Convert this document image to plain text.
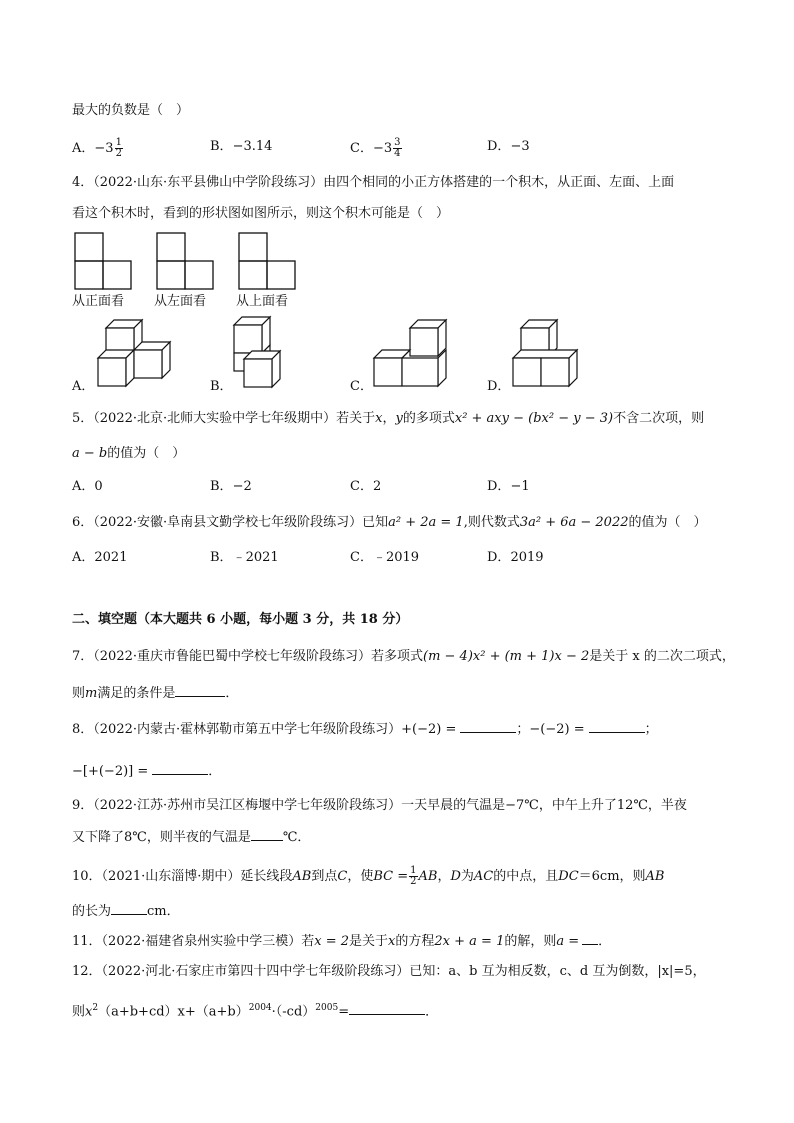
最大的负数是（　）
A．$-3 \frac{1}{2}$	B．−3.14	C．$-3 \frac{3}{4}$	D．−3
4．（2022·山东·东平县佛山中学阶段练习）由四个相同的小正方体搭建的一个积木，从正面、左面、上面
看这个积木时，看到的形状图如图所示，则这个积木可能是（　）
从正面看 从左面看 从上面看
A．	B．	C．	D．
5．（2022·北京·北师大实验中学七年级期中）若关于x，y的多项式x² + axy − (bx² − y − 3)不含二次项，则
a − b的值为（　）
A．0	B．−2	C．2	D．−1
6．（2022·安徽·阜南县文勤学校七年级阶段练习）已知a² + 2a = 1,则代数式3a² + 6a − 2022的值为（　）
A．2021	B．﹣2021	C．﹣2019	D．2019
二、填空题（本大题共 6 小题，每小题 3 分，共 18 分）
7．（2022·重庆市鲁能巴蜀中学校七年级阶段练习）若多项式(m − 4)x² + (m + 1)x − 2是关于 x 的二次二项式，
则m满足的条件是	．
8．（2022·内蒙古·霍林郭勒市第五中学七年级阶段练习）+(−2) =	；−(−2) =	；
−[+(−2)] =	．
9．（2022·江苏·苏州市吴江区梅堰中学七年级阶段练习）一天早晨的气温是−7℃，中午上升了12℃，半夜
又下降了8℃，则半夜的气温是 ℃．
10．（2021·山东淄博·期中）延长线段AB到点C，使BC = $\frac{1}{2}$ AB，D为AC的中点，且DC＝6cm，则AB
的长为	cm．
11．（2022·福建省泉州实验中学三模）若x = 2是关于x的方程2x + a = 1的解，则a = ．
12．（2022·河北·石家庄市第四十四中学七年级阶段练习）已知：a、b 互为相反数，c、d 互为倒数，|x|=5，
则$x^2(a+b+cd)x+(a+b)^{2004}\cdot(-cd)^{2005}=$	．
